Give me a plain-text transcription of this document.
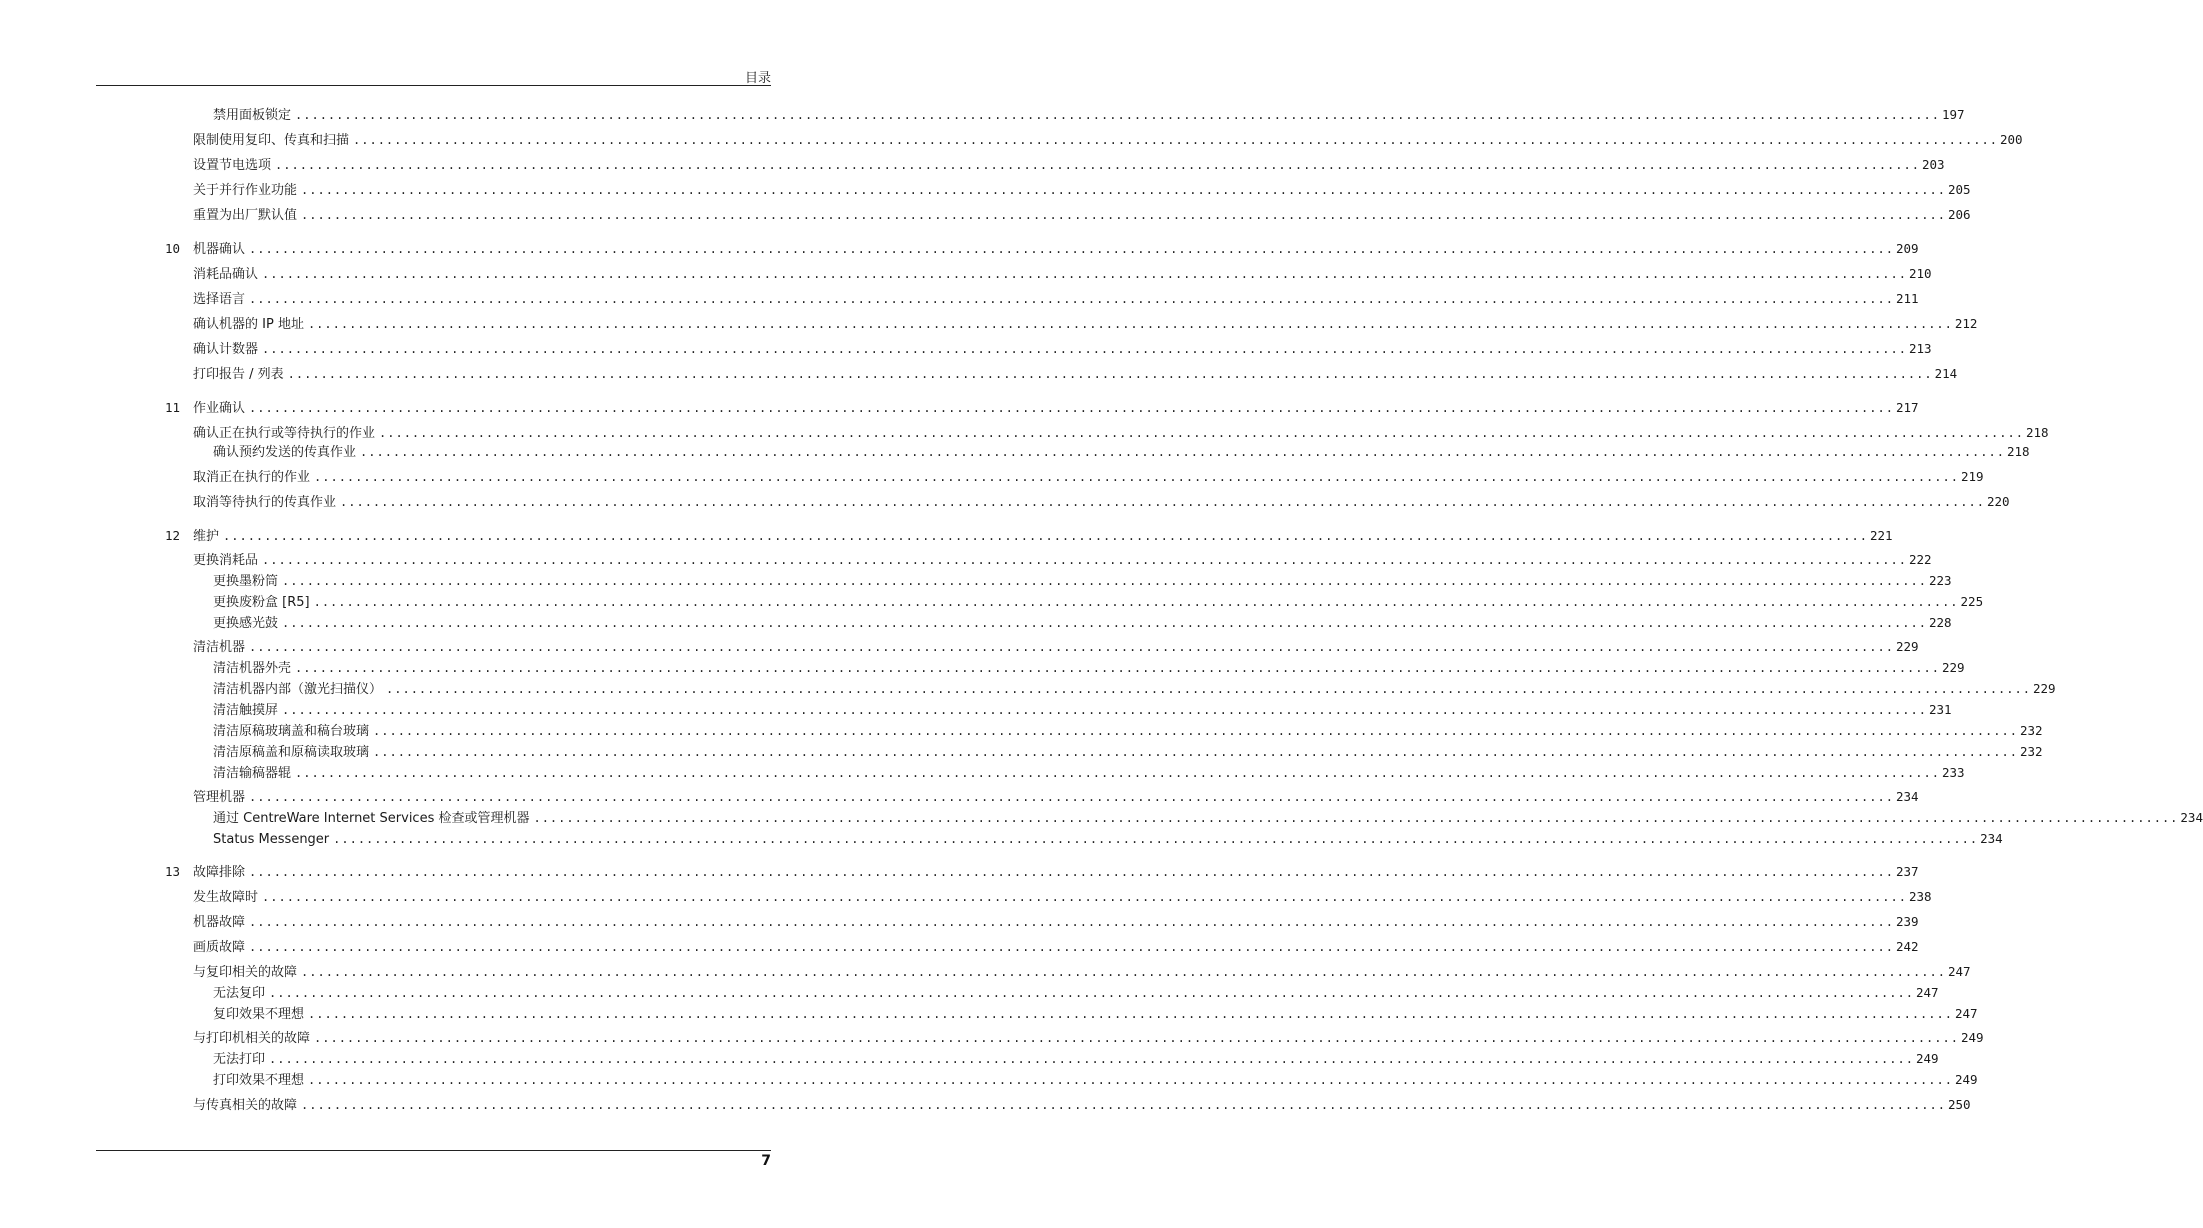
目录
禁用面板锁定 ........................................................................................................................................................................................................ 197
限制使用复印、传真和扫描 ........................................................................................................................................................................................................ 200
设置节电选项 ........................................................................................................................................................................................................ 203
关于并行作业功能 ........................................................................................................................................................................................................ 205
重置为出厂默认值 ........................................................................................................................................................................................................ 206
10 机器确认 ........................................................................................................................................................................................................ 209
消耗品确认 ........................................................................................................................................................................................................ 210
选择语言 ........................................................................................................................................................................................................ 211
确认机器的 IP 地址 ........................................................................................................................................................................................................ 212
确认计数器 ........................................................................................................................................................................................................ 213
打印报告 / 列表 ........................................................................................................................................................................................................ 214
11 作业确认 ........................................................................................................................................................................................................ 217
确认正在执行或等待执行的作业 ........................................................................................................................................................................................................ 218
确认预约发送的传真作业 ........................................................................................................................................................................................................ 218
取消正在执行的作业 ........................................................................................................................................................................................................ 219
取消等待执行的传真作业 ........................................................................................................................................................................................................ 220
12 维护 ........................................................................................................................................................................................................ 221
更换消耗品 ........................................................................................................................................................................................................ 222
更换墨粉筒 ........................................................................................................................................................................................................ 223
更换废粉盒 [R5] ........................................................................................................................................................................................................ 225
更换感光鼓 ........................................................................................................................................................................................................ 228
清洁机器 ........................................................................................................................................................................................................ 229
清洁机器外壳 ........................................................................................................................................................................................................ 229
清洁机器内部（激光扫描仪） ........................................................................................................................................................................................................ 229
清洁触摸屏 ........................................................................................................................................................................................................ 231
清洁原稿玻璃盖和稿台玻璃 ........................................................................................................................................................................................................ 232
清洁原稿盖和原稿读取玻璃 ........................................................................................................................................................................................................ 232
清洁输稿器辊 ........................................................................................................................................................................................................ 233
管理机器 ........................................................................................................................................................................................................ 234
通过 CentreWare Internet Services 检查或管理机器 ........................................................................................................................................................................................................ 234
Status Messenger ........................................................................................................................................................................................................ 234
13 故障排除 ........................................................................................................................................................................................................ 237
发生故障时 ........................................................................................................................................................................................................ 238
机器故障 ........................................................................................................................................................................................................ 239
画质故障 ........................................................................................................................................................................................................ 242
与复印相关的故障 ........................................................................................................................................................................................................ 247
无法复印 ........................................................................................................................................................................................................ 247
复印效果不理想 ........................................................................................................................................................................................................ 247
与打印机相关的故障 ........................................................................................................................................................................................................ 249
无法打印 ........................................................................................................................................................................................................ 249
打印效果不理想 ........................................................................................................................................................................................................ 249
与传真相关的故障 ........................................................................................................................................................................................................ 250
7
